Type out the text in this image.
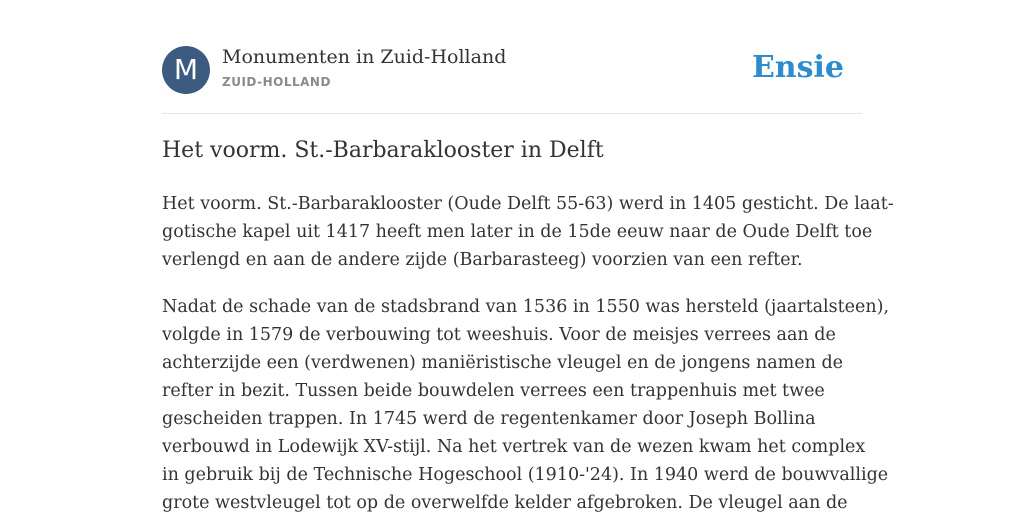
M	Monumenten in Zuid-Holland
ZUID-HOLLAND	Ensie
Het voorm. St.-Barbaraklooster in Delft
Het voorm. St.-Barbaraklooster (Oude Delft 55-63) werd in 1405 gesticht. De laat-
gotische kapel uit 1417 heeft men later in de 15de eeuw naar de Oude Delft toe
verlengd en aan de andere zijde (Barbarasteeg) voorzien van een refter.
Nadat de schade van de stadsbrand van 1536 in 1550 was hersteld (jaartalsteen),
volgde in 1579 de verbouwing tot weeshuis. Voor de meisjes verrees aan de
achterzijde een (verdwenen) maniëristische vleugel en de jongens namen de
refter in bezit. Tussen beide bouwdelen verrees een trappenhuis met twee
gescheiden trappen. In 1745 werd de regentenkamer door Joseph Bollina
verbouwd in Lodewijk XV-stijl. Na het vertrek van de wezen kwam het complex
in gebruik bij de Technische Hogeschool (1910-'24). In 1940 werd de bouwvallige
grote westvleugel tot op de overwelfde kelder afgebroken. De vleugel aan de
